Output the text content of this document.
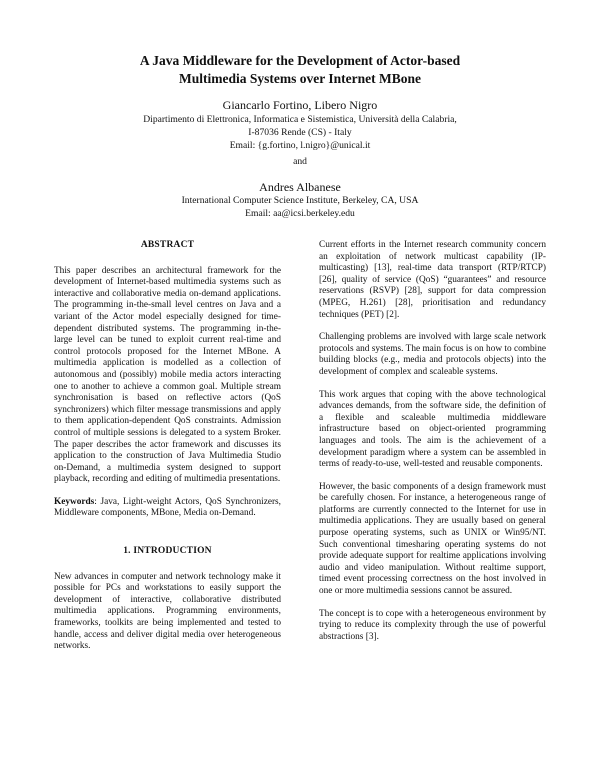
A Java Middleware for the Development of Actor-based
Multimedia Systems over Internet MBone
Giancarlo Fortino, Libero Nigro
Dipartimento di Elettronica, Informatica e Sistemistica, Università della Calabria,
I-87036 Rende (CS) - Italy
Email: {g.fortino, l.nigro}@unical.it
and
Andres Albanese
International Computer Science Institute, Berkeley, CA, USA
Email: aa@icsi.berkeley.edu
ABSTRACT

This paper describes an architectural framework for the development of Internet-based multimedia systems such as interactive and collaborative media on-demand applications. The programming in-the-small level centres on Java and a variant of the Actor model especially designed for time-dependent distributed systems. The programming in-the-large level can be tuned to exploit current real-time and control protocols proposed for the Internet MBone. A multimedia application is modelled as a collection of autonomous and (possibly) mobile media actors interacting one to another to achieve a common goal. Multiple stream synchronisation is based on reflective actors (QoS synchronizers) which filter message transmissions and apply to them application-dependent QoS constraints. Admission control of multiple sessions is delegated to a system Broker. The paper describes the actor framework and discusses its application to the construction of Java Multimedia Studio on-Demand, a multimedia system designed to support playback, recording and editing of multimedia presentations.

Keywords: Java, Light-weight Actors, QoS Synchronizers, Middleware components, MBone, Media on-Demand.

1. INTRODUCTION

New advances in computer and network technology make it possible for PCs and workstations to easily support the development of interactive, collaborative distributed multimedia applications. Programming environments, frameworks, toolkits are being implemented and tested to handle, access and deliver digital media over heterogeneous networks.

Current efforts in the Internet research community concern an exploitation of network multicast capability (IP-multicasting) [13], real-time data transport (RTP/RTCP) [26], quality of service (QoS) “guarantees” and resource reservations (RSVP) [28], support for data compression (MPEG, H.261) [28], prioritisation and redundancy techniques (PET) [2].

Challenging problems are involved with large scale network protocols and systems. The main focus is on how to combine building blocks (e.g., media and protocols objects) into the development of complex and scaleable systems.

This work argues that coping with the above technological advances demands, from the software side, the definition of a flexible and scaleable multimedia middleware infrastructure based on object-oriented programming languages and tools. The aim is the achievement of a development paradigm where a system can be assembled in terms of ready-to-use, well-tested and reusable components.

However, the basic components of a design framework must be carefully chosen. For instance, a heterogeneous range of platforms are currently connected to the Internet for use in multimedia applications. They are usually based on general purpose operating systems, such as UNIX or Win95/NT. Such conventional timesharing operating systems do not provide adequate support for realtime applications involving audio and video manipulation. Without realtime support, timed event processing correctness on the host involved in one or more multimedia sessions cannot be assured.

The concept is to cope with a heterogeneous environment by trying to reduce its complexity through the use of powerful abstractions [3].
